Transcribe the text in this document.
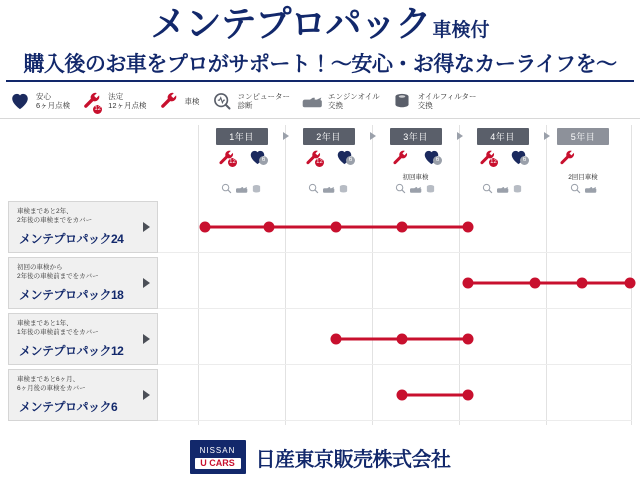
メンテプロパック 車検付
購入後のお車をプロがサポート！〜安心・お得なカーライフを〜
安心
6ヶ月点検	12
法定
12ヶ月点検	車検	コンピューター
診断
エンジンオイル
交換
オイルフィルター
交換
1年目	2年目	3年目	4年目	5年目
12	6	12	6	6
初回車検
12	6
2回目車検
車検まであと2年、
2年後の車検までをカバー
メンテプロパック24
初回の車検から
2年後の車検前までをカバー
メンテプロパック18
車検まであと1年、
1年後の車検前までをカバー
メンテプロパック12
車検まであと6ヶ月、
6ヶ月後の車検をカバー
メンテプロパック6
NISSAN
U CARS 日産東京販売株式会社
